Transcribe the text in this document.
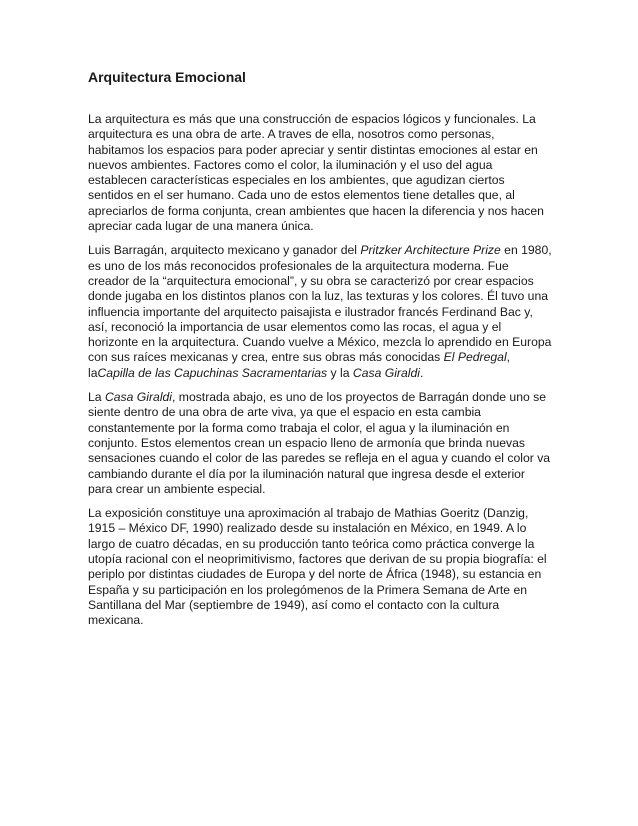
Arquitectura Emocional

La arquitectura es más que una construcción de espacios lógicos y funcionales. La arquitectura es una obra de arte. A traves de ella, nosotros como personas, habitamos los espacios para poder apreciar y sentir distintas emociones al estar en nuevos ambientes. Factores como el color, la iluminación y el uso del agua establecen características especiales en los ambientes, que agudizan ciertos sentidos en el ser humano. Cada uno de estos elementos tiene detalles que, al apreciarlos de forma conjunta, crean ambientes que hacen la diferencia y nos hacen apreciar cada lugar de una manera única.

Luis Barragán, arquitecto mexicano y ganador del Pritzker Architecture Prize en 1980, es uno de los más reconocidos profesionales de la arquitectura moderna. Fue creador de la “arquitectura emocional”, y su obra se caracterizó por crear espacios donde jugaba en los distintos planos con la luz, las texturas y los colores. Él tuvo una influencia importante del arquitecto paisajista e ilustrador francés Ferdinand Bac y, así, reconoció la importancia de usar elementos como las rocas, el agua y el horizonte en la arquitectura. Cuando vuelve a México, mezcla lo aprendido en Europa con sus raíces mexicanas y crea, entre sus obras más conocidas El Pedregal, laCapilla de las Capuchinas Sacramentarias y la Casa Giraldi.

La Casa Giraldi, mostrada abajo, es uno de los proyectos de Barragán donde uno se siente dentro de una obra de arte viva, ya que el espacio en esta cambia constantemente por la forma como trabaja el color, el agua y la iluminación en conjunto. Estos elementos crean un espacio lleno de armonía que brinda nuevas sensaciones cuando el color de las paredes se refleja en el agua y cuando el color va cambiando durante el día por la iluminación natural que ingresa desde el exterior para crear un ambiente especial.

La exposición constituye una aproximación al trabajo de Mathias Goeritz (Danzig, 1915 – México DF, 1990) realizado desde su instalación en México, en 1949. A lo largo de cuatro décadas, en su producción tanto teórica como práctica converge la utopía racional con el neoprimitivismo, factores que derivan de su propia biografía: el periplo por distintas ciudades de Europa y del norte de África (1948), su estancia en España y su participación en los prolegómenos de la Primera Semana de Arte en Santillana del Mar (septiembre de 1949), así como el contacto con la cultura mexicana.
